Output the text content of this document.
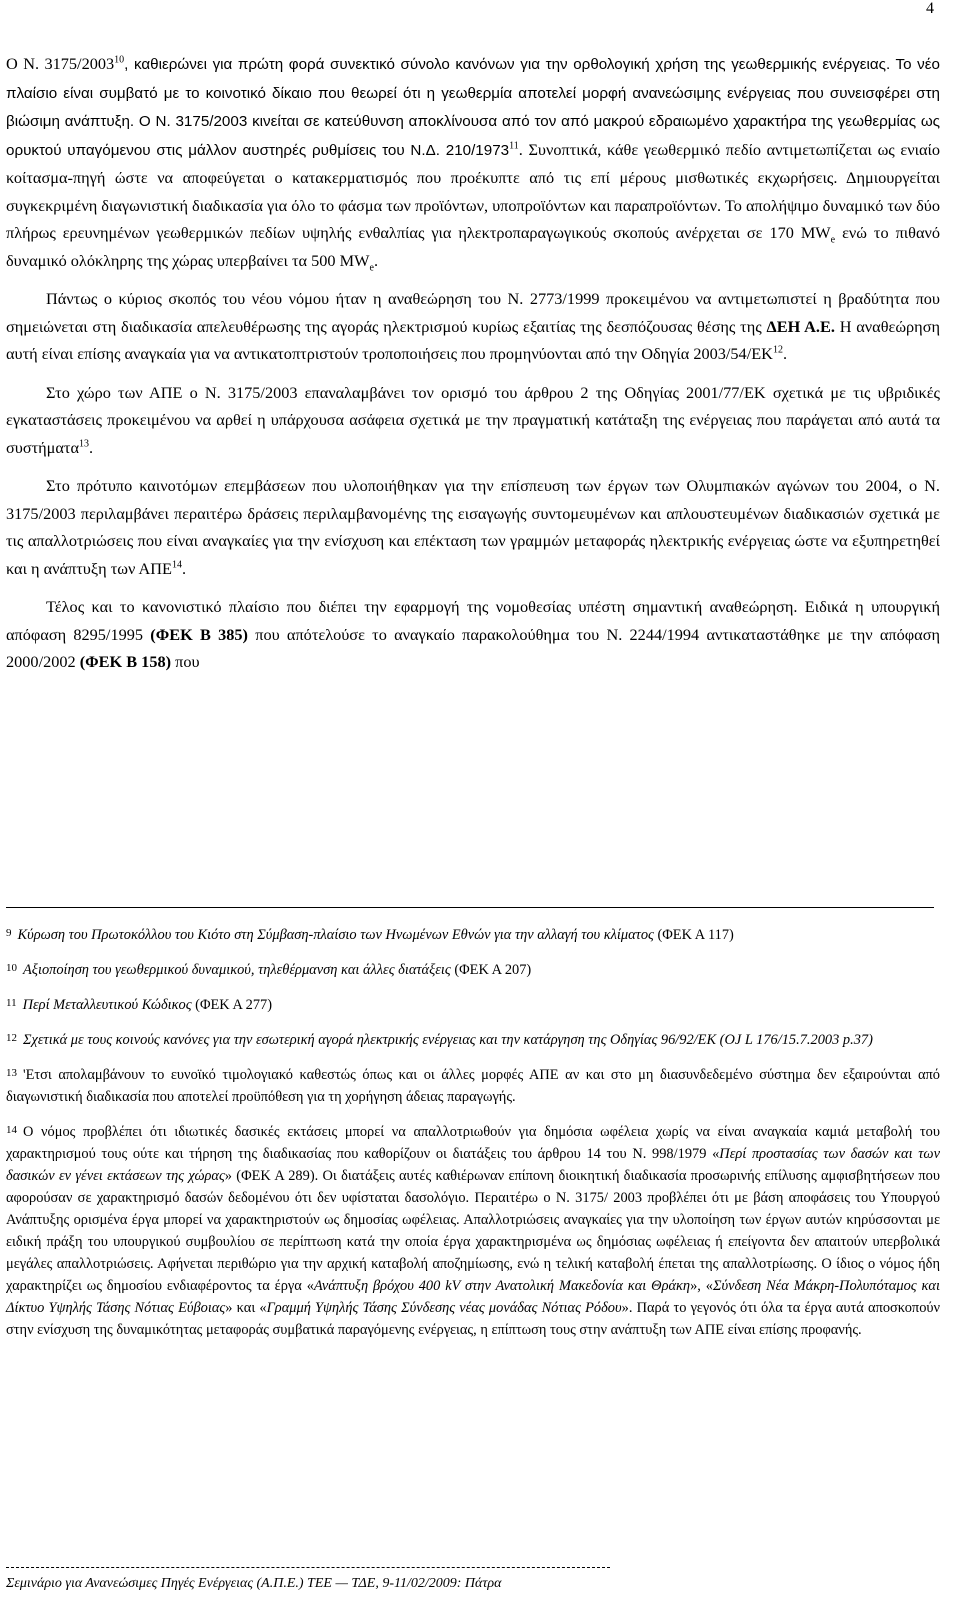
4

Ο Ν. 3175/2003$^{10}$, καθιερώνει για πρώτη φορά συνεκτικό σύνολο κανόνων για την ορθολογική χρήση της γεωθερμικής ενέργειας. Το νέο πλαίσιο είναι συμβατό με το κοινοτικό δίκαιο που θεωρεί ότι η γεωθερμία αποτελεί μορφή ανανεώσιμης ενέργειας που συνεισφέρει στη βιώσιμη ανάπτυξη. Ο Ν. 3175/2003 κινείται σε κατεύθυνση αποκλίνουσα από τον από μακρού εδραιωμένο χαρακτήρα της γεωθερμίας ως ορυκτού υπαγόμενου στις μάλλον αυστηρές ρυθμίσεις του Ν.Δ. 210/1973$^{11}$. Συνοπτικά, κάθε γεωθερμικό πεδίο αντιμετωπίζεται ως ενιαίο κοίτασμα-πηγή ώστε να αποφεύγεται ο κατακερματισμός που προέκυπτε από τις επί μέρους μισθωτικές εκχωρήσεις. Δημιουργείται συγκεκριμένη διαγωνιστική διαδικασία για όλο το φάσμα των προϊόντων, υποπροϊόντων και παραπροϊόντων. Το απολήψιμο δυναμικό των δύο πλήρως ερευνημένων γεωθερμικών πεδίων υψηλής ενθαλπίας για ηλεκτροπαραγωγικούς σκοπούς ανέρχεται σε 170 $MW_e$ ενώ το πιθανό δυναμικό ολόκληρης της χώρας υπερβαίνει τα 500 $MW_e$.

Πάντως ο κύριος σκοπός του νέου νόμου ήταν η αναθεώρηση του Ν. 2773/1999 προκειμένου να αντιμετωπιστεί η βραδύτητα που σημειώνεται στη διαδικασία απελευθέρωσης της αγοράς ηλεκτρισμού κυρίως εξαιτίας της δεσπόζουσας θέσης της ΔΕΗ Α.Ε. Η αναθεώρηση αυτή είναι επίσης αναγκαία για να αντικατοπτριστούν τροποποιήσεις που προμηνύονται από την Οδηγία 2003/54/ΕΚ$^{12}$.

Στο χώρο των ΑΠΕ ο Ν. 3175/2003 επαναλαμβάνει τον ορισμό του άρθρου 2 της Οδηγίας 2001/77/ΕΚ σχετικά με τις υβριδικές εγκαταστάσεις προκειμένου να αρθεί η υπάρχουσα ασάφεια σχετικά με την πραγματική κατάταξη της ενέργειας που παράγεται από αυτά τα συστήματα$^{13}$.

Στο πρότυπο καινοτόμων επεμβάσεων που υλοποιήθηκαν για την επίσπευση των έργων των Ολυμπιακών αγώνων του 2004, ο Ν. 3175/2003 περιλαμβάνει περαιτέρω δράσεις περιλαμβανομένης της εισαγωγής συντομευμένων και απλουστευμένων διαδικασιών σχετικά με τις απαλλοτριώσεις που είναι αναγκαίες για την ενίσχυση και επέκταση των γραμμών μεταφοράς ηλεκτρικής ενέργειας ώστε να εξυπηρετηθεί και η ανάπτυξη των ΑΠΕ$^{14}$.

Τέλος και το κανονιστικό πλαίσιο που διέπει την εφαρμογή της νομοθεσίας υπέστη σημαντική αναθεώρηση. Ειδικά η υπουργική απόφαση 8295/1995 (ΦΕΚ Β 385) που απότελούσε το αναγκαίο παρακολούθημα του Ν. 2244/1994 αντικαταστάθηκε με την απόφαση 2000/2002 (ΦΕΚ Β 158) που

$^9$ Κύρωση του Πρωτοκόλλου του Κιότο στη Σύμβαση-πλαίσιο των Ηνωμένων Εθνών για την αλλαγή του κλίματος (ΦΕΚ Α 117)
$^{10}$ Αξιοποίηση του γεωθερμικού δυναμικού, τηλεθέρμανση και άλλες διατάξεις (ΦΕΚ Α 207)
$^{11}$ Περί Μεταλλευτικού Κώδικος (ΦΕΚ Α 277)
$^{12}$ Σχετικά με τους κοινούς κανόνες για την εσωτερική αγορά ηλεκτρικής ενέργειας και την κατάργηση της Οδηγίας 96/92/ΕΚ (OJ L 176/15.7.2003 p.37)
$^{13}$ 'Ετσι απολαμβάνουν το ευνοϊκό τιμολογιακό καθεστώς όπως και οι άλλες μορφές ΑΠΕ αν και στο μη διασυνδεδεμένο σύστημα δεν εξαιρούνται από διαγωνιστική διαδικασία που αποτελεί προϋπόθεση για τη χορήγηση άδειας παραγωγής.
$^{14}$ Ο νόμος προβλέπει ότι ιδιωτικές δασικές εκτάσεις μπορεί να απαλλοτριωθούν για δημόσια ωφέλεια χωρίς να είναι αναγκαία καμιά μεταβολή του χαρακτηρισμού τους ούτε και τήρηση της διαδικασίας που καθορίζουν οι διατάξεις του άρθρου 14 του Ν. 998/1979 «Περί προστασίας των δασών και των δασικών εν γένει εκτάσεων της χώρας» (ΦΕΚ Α 289). Οι διατάξεις αυτές καθιέρωναν επίπονη διοικητική διαδικασία προσωρινής επίλυσης αμφισβητήσεων που αφορούσαν σε χαρακτηρισμό δασών δεδομένου ότι δεν υφίσταται δασολόγιο. Περαιτέρω ο Ν. 3175/ 2003 προβλέπει ότι με βάση αποφάσεις του Υπουργού Ανάπτυξης ορισμένα έργα μπορεί να χαρακτηριστούν ως δημοσίας ωφέλειας. Απαλλοτριώσεις αναγκαίες για την υλοποίηση των έργων αυτών κηρύσσονται με ειδική πράξη του υπουργικού συμβουλίου σε περίπτωση κατά την οποία έργα χαρακτηρισμένα ως δημόσιας ωφέλειας ή επείγοντα δεν απαιτούν υπερβολικά μεγάλες απαλλοτριώσεις. Αφήνεται περιθώριο για την αρχική καταβολή αποζημίωσης, ενώ η τελική καταβολή έπεται της απαλλοτρίωσης. Ο ίδιος ο νόμος ήδη χαρακτηρίζει ως δημοσίου ενδιαφέροντος τα έργα «Ανάπτυξη βρόχου 400 kV στην Ανατολική Μακεδονία και Θράκη», «Σύνδεση Νέα Μάκρη-Πολυπόταμος και Δίκτυο Υψηλής Τάσης Νότιας Εύβοιας» και «Γραμμή Υψηλής Τάσης Σύνδεσης νέας μονάδας Νότιας Ρόδου». Παρά το γεγονός ότι όλα τα έργα αυτά αποσκοπούν στην ενίσχυση της δυναμικότητας μεταφοράς συμβατικά παραγόμενης ενέργειας, η επίπτωση τους στην ανάπτυξη των ΑΠΕ είναι επίσης προφανής.
Σεμινάριο για Ανανεώσιμες Πηγές Ενέργειας (Α.Π.Ε.) ΤΕΕ — ΤΔΕ, 9-11/02/2009: Πάτρα
